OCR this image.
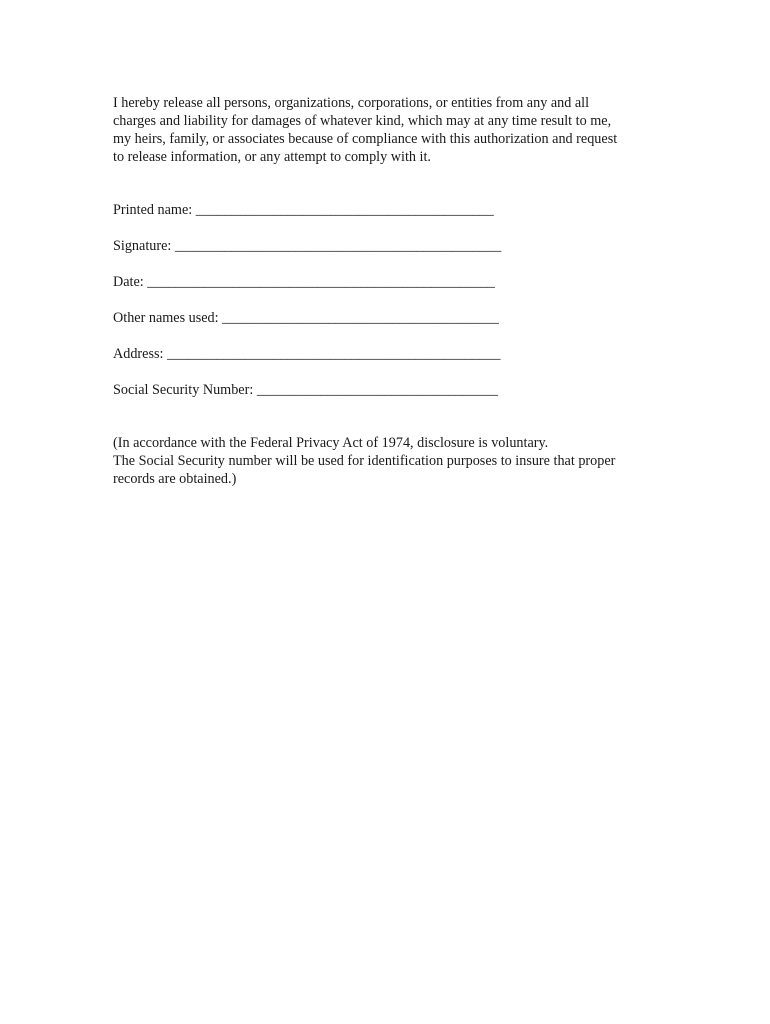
I hereby release all persons, organizations, corporations, or entities from any and all
charges and liability for damages of whatever kind, which may at any time result to me,
my heirs, family, or associates because of compliance with this authorization and request
to release information, or any attempt to comply with it.

Printed name: __________________________________________
Signature: ______________________________________________
Date: _________________________________________________
Other names used: _______________________________________
Address: _______________________________________________
Social Security Number: __________________________________
(In accordance with the Federal Privacy Act of 1974, disclosure is voluntary.
The Social Security number will be used for identification purposes to insure that proper
records are obtained.)
